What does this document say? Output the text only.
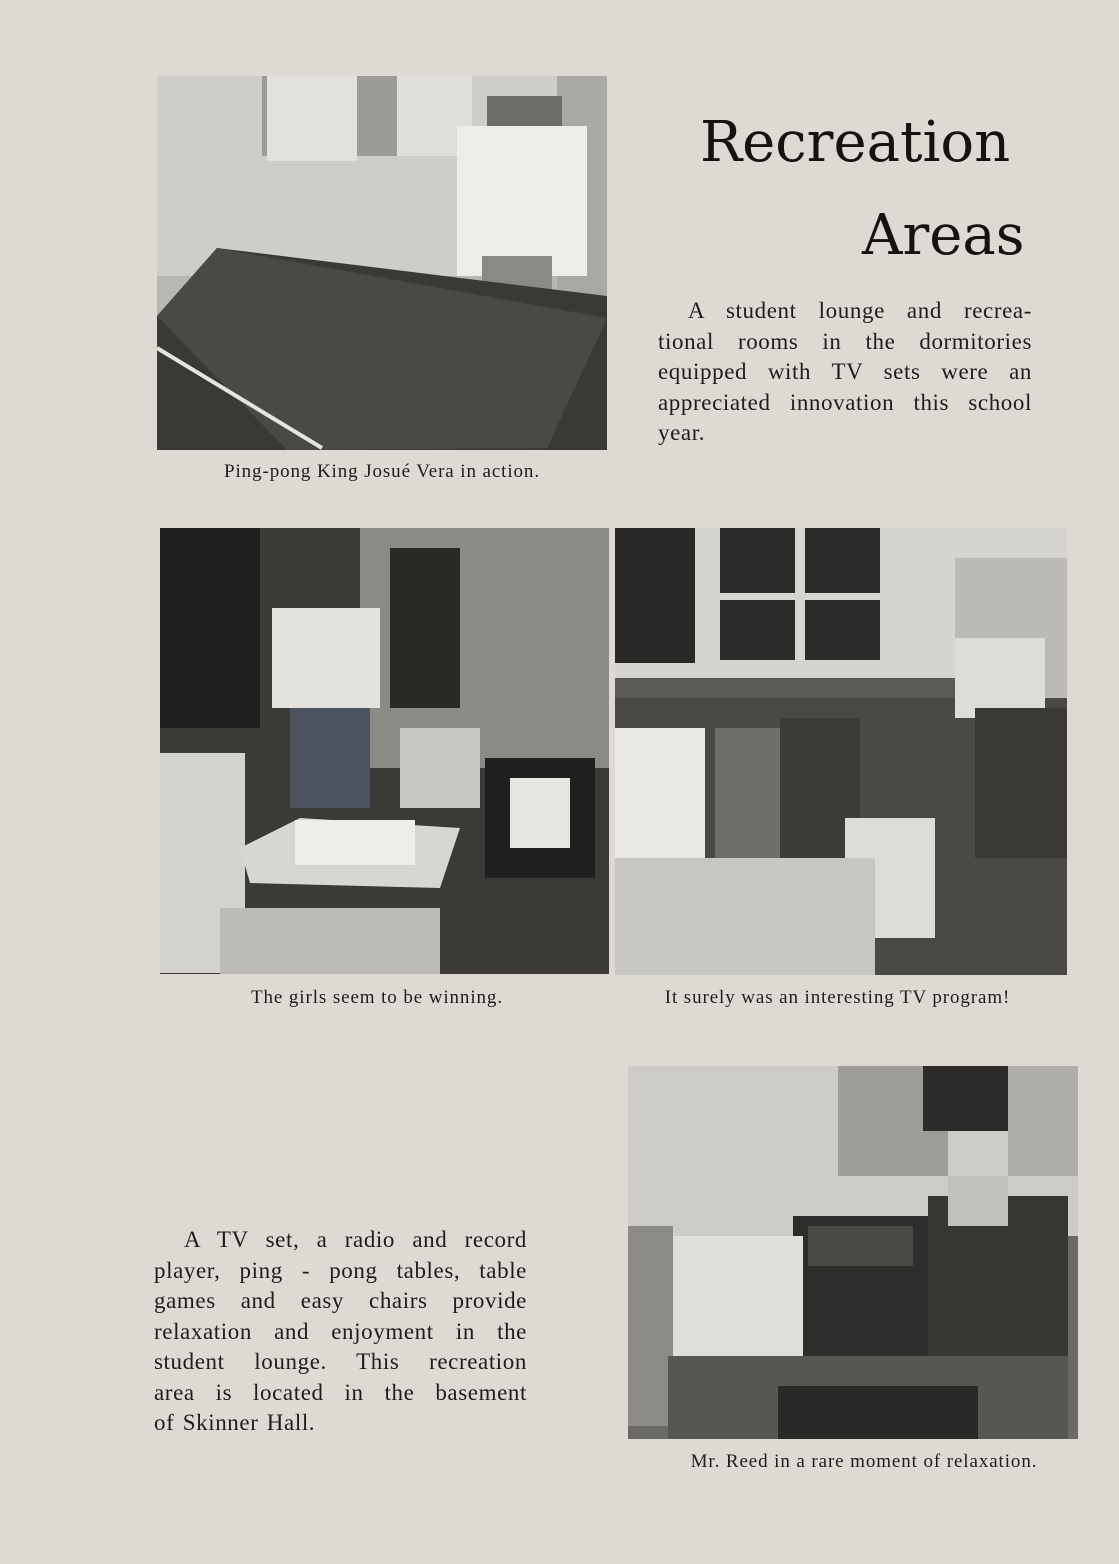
Recreation
Areas
A student lounge and recrea-
tional rooms in the dormitories
equipped with TV sets were an
appreciated innovation this school
year.
Ping-pong King Josué Vera in action.
The girls seem to be winning.	It surely was an interesting TV program!
A TV set, a radio and record
player, ping - pong tables, table
games and easy chairs provide
relaxation and enjoyment in the
student lounge. This recreation
area is located in the basement
of Skinner Hall.
Mr. Reed in a rare moment of relaxation.
